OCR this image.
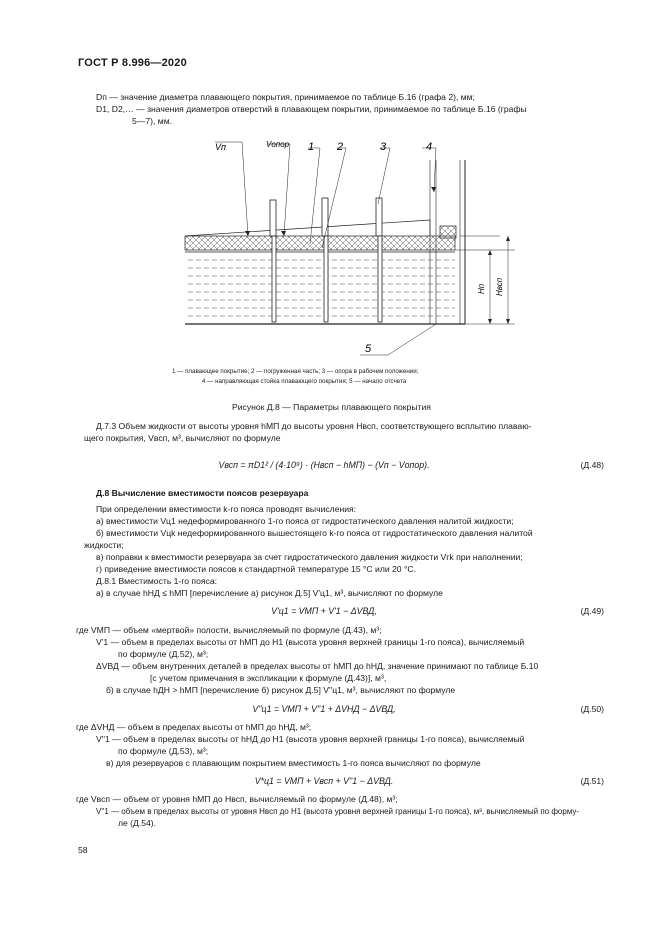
ГОСТ Р 8.996—2020
Dп — значение диаметра плавающего покрытия, принимаемое по таблице Б.16 (графа 2), мм;
D1, D2,… — значения диаметров отверстий в плавающем покрытии, принимаемое по таблице Б.16 (графы
5—7), мм.
Vп	Vопор 1 2	3	4
5
Hп Hвсп
1 — плавающее покрытие; 2 — погруженная часть; 3 — опора в рабочем положении;
4 — направляющая стойка плавающего покрытия; 5 — начало отсчета
Рисунок Д.8 — Параметры плавающего покрытия
Д.7.3 Объем жидкости от высоты уровня hМП до высоты уровня Hвсп, соответствующего всплытию плаваю-
щего покрытия, Vвсп, м³, вычисляют по формуле
Vвсп = πD1² / (4·10⁹) · (Hвсп − hМП) − (Vп − Vопор).	(Д.48)
Д.8 Вычисление вместимости поясов резервуара
При определении вместимости k-го пояса проводят вычисления:
а) вместимости Vц1 недеформированного 1-го пояса от гидростатического давления налитой жидкости;
б) вместимости Vцk недеформированного вышестоящего k-го пояса от гидростатического давления налитой
жидкости;
в) поправки к вместимости резервуара за счет гидростатического давления жидкости Vгk при наполнении;
г) приведение вместимости поясов к стандартной температуре 15 °С или 20 °С.
Д.8.1 Вместимость 1-го пояса:
а) в случае hНД ≤ hМП [перечисление а) рисунок Д.5] V'ц1, м³, вычисляют по формуле
V'ц1 = VМП + V'1 − ΔVВД,	(Д.49)
где VМП — объем «мертвой» полости, вычисляемый по формуле (Д.43), м³;
V'1 — объем в пределах высоты от hМП до H1 (высота уровня верхней границы 1-го пояса), вычисляемый
по формуле (Д.52), м³;
ΔVВД — объем внутренних деталей в пределах высоты от hМП до hНД, значение принимают по таблице Б.10
[с учетом примечания в экспликации к формуле (Д.43)], м³,
б) в случае hДН > hМП [перечисление б) рисунок Д.5] V''ц1, м³, вычисляют по формуле
V''ц1 = VМП + V''1 + ΔVНД − ΔVВД,	(Д.50)
где ΔVНД — объем в пределах высоты от hМП до hНД, м³;
V''1 — объем в пределах высоты от hНД до H1 (высота уровня верхней границы 1-го пояса), вычисляемый
по формуле (Д.53), м³;
в) для резервуаров с плавающим покрытием вместимость 1-го пояса вычисляют по формуле
V*ц1 = VМП + Vвсп + V''1 − ΔVВД.	(Д.51)
где Vвсп — объем от уровня hМП до Hвсп, вычисляемый по формуле (Д.48), м³;
V''1 — объем в пределах высоты от уровня Hвсп до H1 (высота уровня верхней границы 1-го пояса), м³, вычисляемый по форму-
ле (Д.54).
58
